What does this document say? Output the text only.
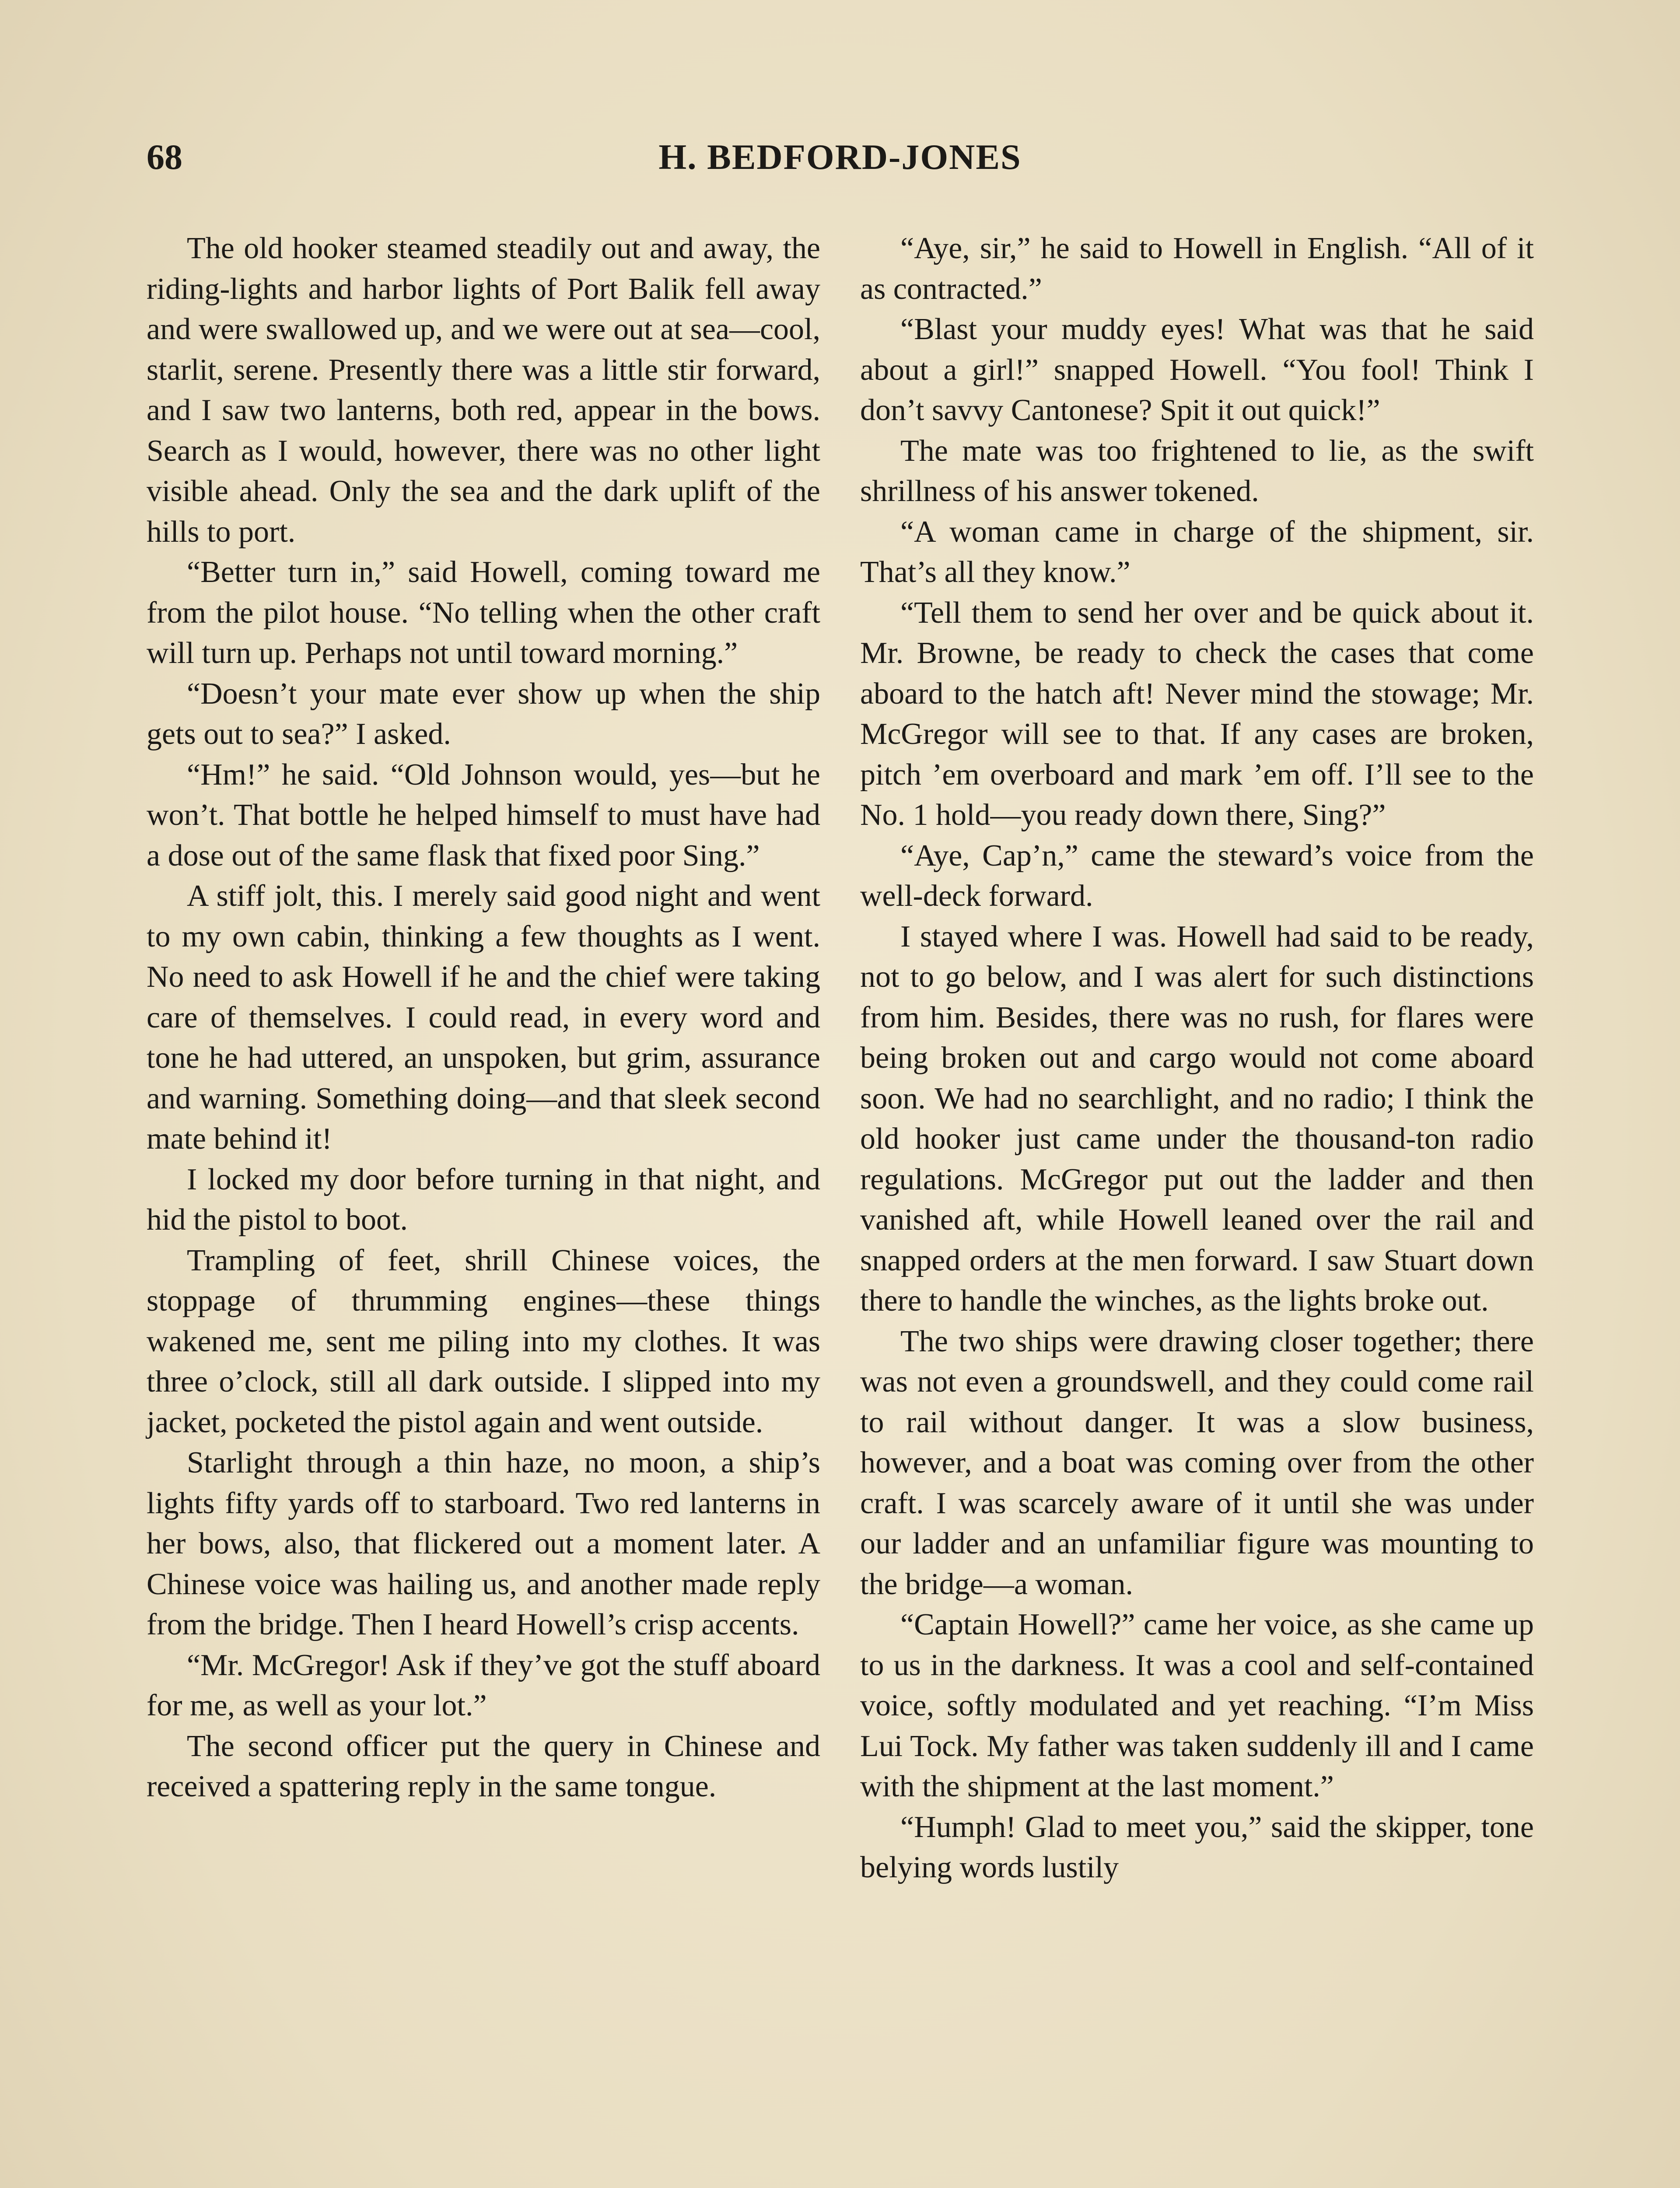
68	H. BEDFORD-JONES

The old hooker steamed steadily out and away, the riding-lights and harbor lights of Port Balik fell away and were swallowed up, and we were out at sea—cool, starlit, serene. Presently there was a little stir forward, and I saw two lanterns, both red, appear in the bows. Search as I would, however, there was no other light visible ahead. Only the sea and the dark uplift of the hills to port.

“Better turn in,” said Howell, coming toward me from the pilot house. “No telling when the other craft will turn up. Perhaps not until toward morning.”

“Doesn’t your mate ever show up when the ship gets out to sea?” I asked.

“Hm!” he said. “Old Johnson would, yes—but he won’t. That bottle he helped himself to must have had a dose out of the same flask that fixed poor Sing.”

A stiff jolt, this. I merely said good night and went to my own cabin, thinking a few thoughts as I went. No need to ask Howell if he and the chief were taking care of themselves. I could read, in every word and tone he had uttered, an unspoken, but grim, assurance and warning. Something doing—and that sleek second mate behind it!

I locked my door before turning in that night, and hid the pistol to boot.

Trampling of feet, shrill Chinese voices, the stoppage of thrumming engines—these things wakened me, sent me piling into my clothes. It was three o’clock, still all dark outside. I slipped into my jacket, pocketed the pistol again and went outside.

Starlight through a thin haze, no moon, a ship’s lights fifty yards off to starboard. Two red lanterns in her bows, also, that flickered out a moment later. A Chinese voice was hailing us, and another made reply from the bridge. Then I heard Howell’s crisp accents.

“Mr. McGregor! Ask if they’ve got the stuff aboard for me, as well as your lot.”

The second officer put the query in Chinese and received a spattering reply in the same tongue.

“Aye, sir,” he said to Howell in English. “All of it as contracted.”

“Blast your muddy eyes! What was that he said about a girl!” snapped Howell. “You fool! Think I don’t savvy Cantonese? Spit it out quick!”

The mate was too frightened to lie, as the swift shrillness of his answer tokened.

“A woman came in charge of the shipment, sir. That’s all they know.”

“Tell them to send her over and be quick about it. Mr. Browne, be ready to check the cases that come aboard to the hatch aft! Never mind the stowage; Mr. McGregor will see to that. If any cases are broken, pitch ’em overboard and mark ’em off. I’ll see to the No. 1 hold—you ready down there, Sing?”

“Aye, Cap’n,” came the steward’s voice from the well-deck forward.

I stayed where I was. Howell had said to be ready, not to go below, and I was alert for such distinctions from him. Besides, there was no rush, for flares were being broken out and cargo would not come aboard soon. We had no searchlight, and no radio; I think the old hooker just came under the thousand-ton radio regulations. McGregor put out the ladder and then vanished aft, while Howell leaned over the rail and snapped orders at the men forward. I saw Stuart down there to handle the winches, as the lights broke out.

The two ships were drawing closer together; there was not even a groundswell, and they could come rail to rail without danger. It was a slow business, however, and a boat was coming over from the other craft. I was scarcely aware of it until she was under our ladder and an unfamiliar figure was mounting to the bridge—a woman.

“Captain Howell?” came her voice, as she came up to us in the darkness. It was a cool and self-contained voice, softly modulated and yet reaching. “I’m Miss Lui Tock. My father was taken suddenly ill and I came with the shipment at the last moment.”

“Humph! Glad to meet you,” said the skipper, tone belying words lustily
